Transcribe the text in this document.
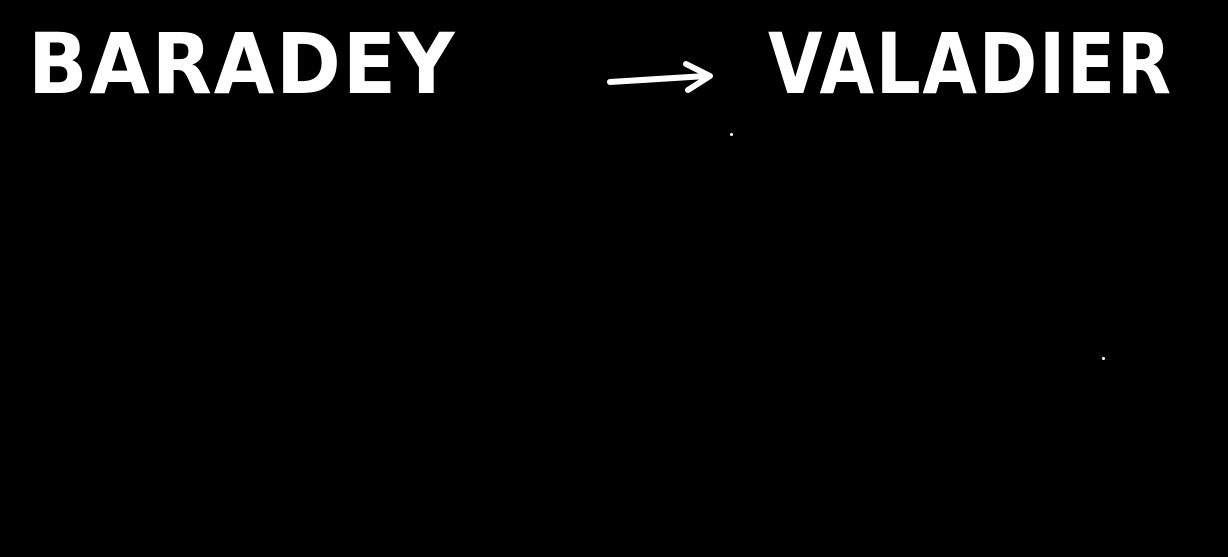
BARADEY	VALADIER
